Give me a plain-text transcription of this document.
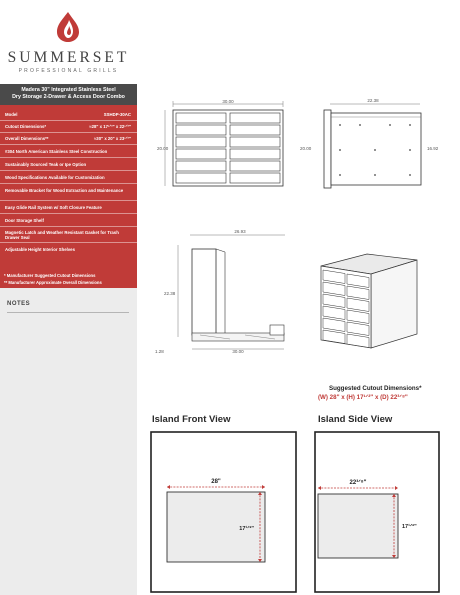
SUMMERSET
PROFESSIONAL GRILLS
Madera 30" Integrated Stainless Steel
Dry Storage 2-Drawer & Access Door Combo
Model	SSHDP-30AC
Cutout Dimensions*	≈28" x 17¹ᐟ²" x 22¹ᐟ²"
Overall Dimensions**	≈30" x 20" x 23¹ᐟ²"
#304 North American Stainless Steel Construction
Sustainably Sourced Teak or Ipe Option
Wood Specifications Available for Customization
Removable Bracket for Wood Extraction and Maintenance
Easy Glide Rail System w/ Soft Closure Feature
Door Storage Shelf
Magnetic Latch and Weather Resistant Gasket for Trash Drawer Seal
Adjustable Height Interior Shelves
* Manufacturer Suggested Cutout Dimensions
** Manufacturer Approximate Overall Dimensions
NOTES
30.00
20.00
22.38
20.00	16.92
26.93
22.38
30.00
1.28
Suggested Cutout Dimensions*
(W) 28" x (H) 17¹ᐟ²" x (D) 22³ᐟ⁸"
Island Front View	Island Side View
28"
17¹ᐟ²"
22³ᐟ⁸"
17¹ᐟ²"
